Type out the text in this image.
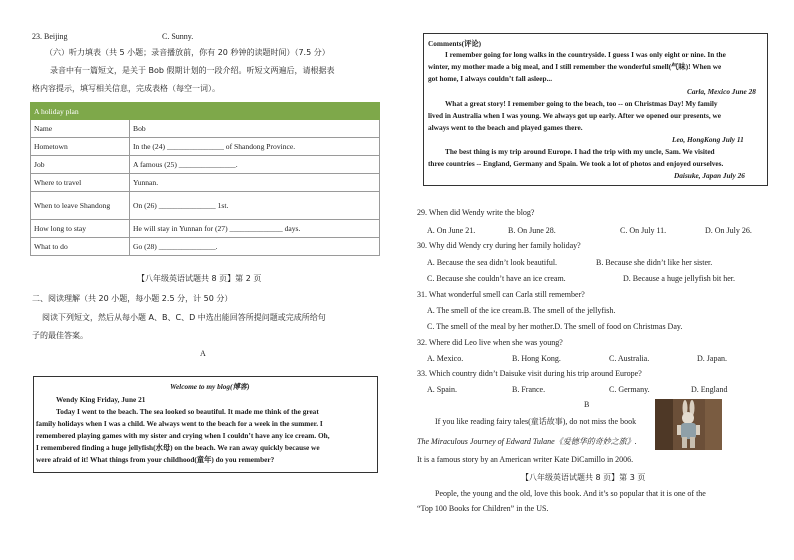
23. Beijing	C. Sunny.
（六）听力填表（共 5 小题；录音播放前，你有 20 秒钟的读题时间）（7.5 分）
录音中有一篇短文，是关于 Bob 假期计划的一段介绍。听短文两遍后，请根据表
格内容提示，填写相关信息，完成表格（每空一词）。
A holiday plan	
Name	Bob
Hometown	In the (24) _______________ of Shandong Province.
Job	A famous (25) _______________.
Where to travel	Yunnan.
When to leave Shandong	On (26) _______________ 1st.
How long to stay	He will stay in Yunnan for (27) ______________ days.
What to do	Go (28) _______________.
【八年级英语试题共 8 页】第 2 页
二、阅读理解（共 20 小题，每小题 2.5 分，计 50 分）
阅读下列短文，然后从每小题 A、B、C、D 中选出能回答所提问题或完成所给句
子的最佳答案。
A
Welcome to my blog(博客)
Wendy King Friday, June 21
Today I went to the beach. The sea looked so beautiful. It made me think of the great
family holidays when I was a child. We always went to the beach for a week in the summer. I
remembered playing games with my sister and crying when I couldn’t have any ice cream. Oh,
I remembered finding a huge jellyfish(水母) on the beach. We ran away quickly because we
were afraid of it! What things from your childhood(童年) do you remember?
Comments(评论)
I remember going for long walks in the countryside. I guess I was only eight or nine. In the
winter, my mother made a big meal, and I still remember the wonderful smell(气味)! When we
got home, I always couldn’t fall asleep...
Carla, Mexico June 28
What a great story! I remember going to the beach, too -- on Christmas Day! My family
lived in Australia when I was young. We always got up early. After we opened our presents, we
always went to the beach and played games there.
Leo, HongKong July 11
The best thing is my trip around Europe. I had the trip with my uncle, Sam. We visited
three countries -- England, Germany and Spain. We took a lot of photos and enjoyed ourselves.
Daisuke, Japan July 26
29. When did Wendy write the blog?
A. On June 21.	B. On June 28.	C. On July 11.	D. On July 26.
30. Why did Wendy cry during her family holiday?
A. Because the sea didn’t look beautiful.	B. Because she didn’t like her sister.
C. Because she couldn’t have an ice cream.	D. Because a huge jellyfish bit her.
31. What wonderful smell can Carla still remember?
A. The smell of the ice cream.B. The smell of the jellyfish.
C. The smell of the meal by her mother.D. The smell of food on Christmas Day.
32. Where did Leo live when she was young?
A. Mexico.	B. Hong Kong.	C. Australia.	D. Japan.
33. Which country didn’t Daisuke visit during his trip around Europe?
A. Spain.	B. France.	C. Germany.	D. England
B
If you like reading fairy tales(童话故事), do not miss the book
The Miraculous Journey of Edward Tulane《爱德华的奇妙之旅》.
It is a famous story by an American writer Kate DiCamillo in 2006.
【八年级英语试题共 8 页】第 3 页
People, the young and the old, love this book. And it’s so popular that it is one of the
“Top 100 Books for Children” in the US.
